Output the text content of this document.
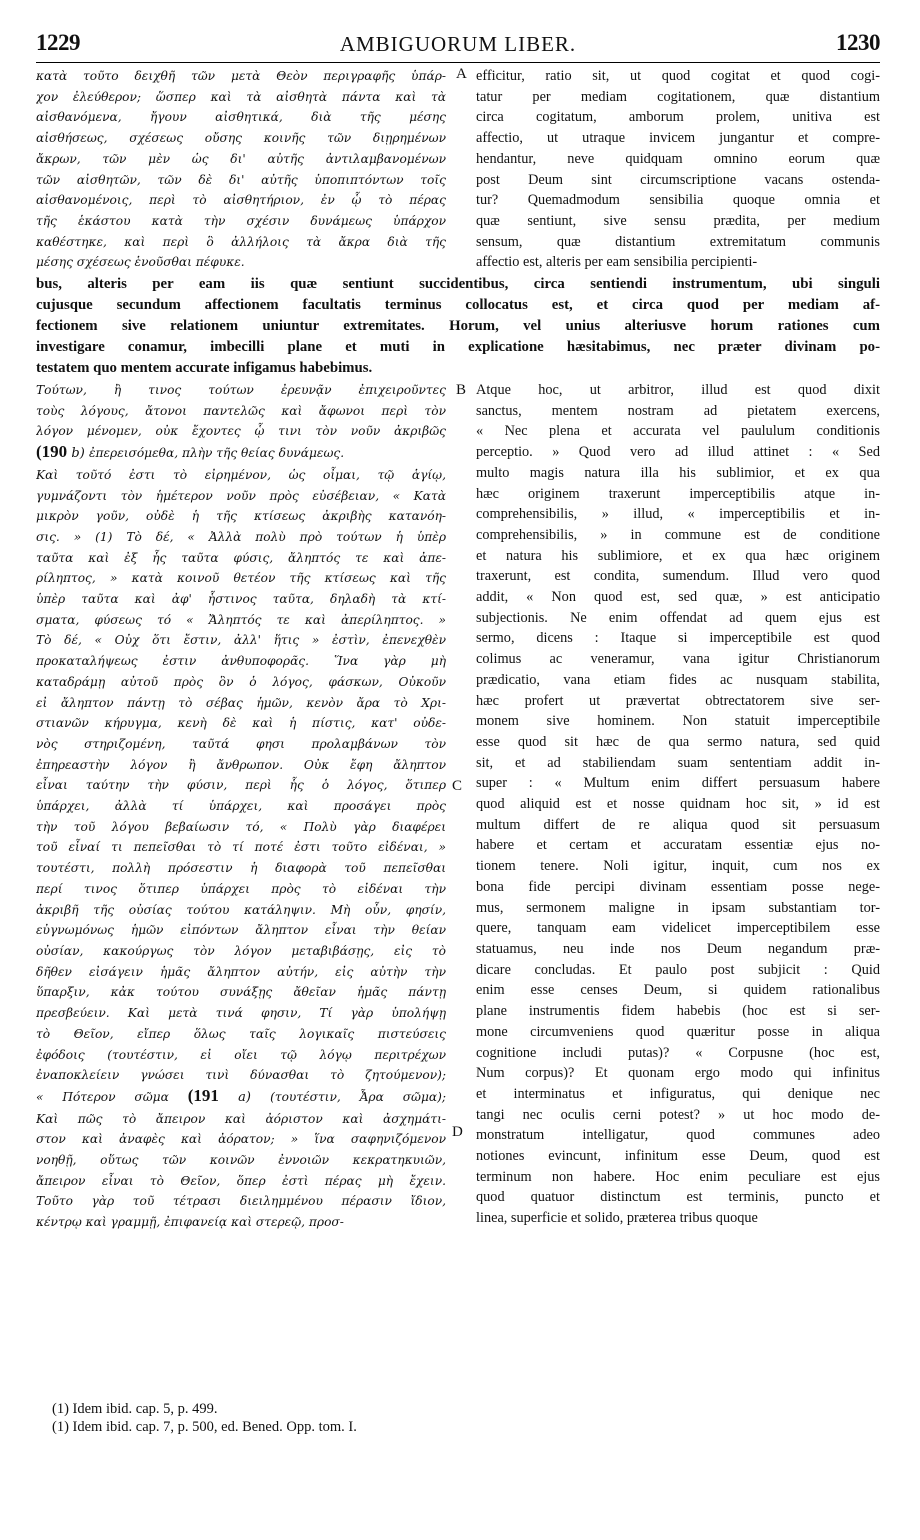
1229	AMBIGUORUM LIBER.	1230
κατὰ τοῦτο δειχθῆ τῶν μετὰ Θεὸν περιγραφῆς ὑπάρ-
χον ἐλεύθερον; ὥσπερ καὶ τὰ αἰσθητὰ πάντα καὶ τὰ
αἰσθανόμενα, ἤγουν αἰσθητικά, διὰ τῆς μέσης
αἰσθήσεως, σχέσεως οὔσης κοινῆς τῶν διῃρημένων
ἄκρων, τῶν μὲν ὡς δι' αὐτῆς ἀντιλαμβανομένων
τῶν αἰσθητῶν, τῶν δὲ δι' αὐτῆς ὑποπιπτόντων τοῖς
αἰσθανομένοις, περὶ τὸ αἰσθητήριον, ἐν ᾧ τὸ πέρας
τῆς ἑκάστου κατὰ τὴν σχέσιν δυνάμεως ὑπάρχον
καθέστηκε, καὶ περὶ ὃ ἀλλήλοις τὰ ἄκρα διὰ τῆς
μέσης σχέσεως ἑνοῦσθαι πέφυκε.
efficitur, ratio sit, ut quod cogitat et quod cogi-
tatur per mediam cogitationem, quæ distantium
circa cogitatum, amborum prolem, unitiva est
affectio, ut utraque invicem jungantur et compre-
hendantur, neve quidquam omnino eorum quæ
post Deum sint circumscriptione vacans ostenda-
tur? Quemadmodum sensibilia quoque omnia et
quæ sentiunt, sive sensu prædita, per medium
sensum, quæ distantium extremitatum communis
affectio est, alteris per eam sensibilia percipienti-
A
bus, alteris per eam iis quæ sentiunt succidentibus, circa sentiendi instrumentum, ubi singuli
cujusque secundum affectionem facultatis terminus collocatus est, et circa quod per mediam af-
fectionem sive relationem uniuntur extremitates. Horum, vel unius alteriusve horum rationes cum
investigare conamur, imbecilli plane et muti in explicatione hæsitabimus, nec præter divinam po-
testatem quo mentem accurate infigamus habebimus.
Τούτων, ἢ τινος τούτων ἐρευνᾷν ἐπιχειροῦντες
τοὺς λόγους, ἄτονοι παντελῶς καὶ ἄφωνοι περὶ τὸν
λόγον μένομεν, οὐκ ἔχοντες ᾧ τινι τὸν νοῦν ἀκριβῶς
(190 b) ἐπερεισόμεθα, πλὴν τῆς θείας δυνάμεως.
Καὶ τοῦτό ἐστι τὸ εἰρημένον, ὡς οἶμαι, τῷ ἁγίῳ,
γυμνάζοντι τὸν ἡμέτερον νοῦν πρὸς εὐσέβειαν, « Κατὰ
μικρὸν γοῦν, οὐδὲ ἡ τῆς κτίσεως ἀκριβὴς κατανόη-
σις. » (1) Τὸ δέ, « Ἀλλὰ πολὺ πρὸ τούτων ἡ ὑπὲρ
ταῦτα καὶ ἐξ ἧς ταῦτα φύσις, ἄληπτός τε καὶ ἀπε-
ρίληπτος, » κατὰ κοινοῦ θετέον τῆς κτίσεως καὶ τῆς
ὑπὲρ ταῦτα καὶ ἀφ' ἧστινος ταῦτα, δηλαδὴ τὰ κτί-
σματα, φύσεως τό « Ἄληπτός τε καὶ ἀπερίληπτος. »
Τὸ δέ, « Οὐχ ὅτι ἔστιν, ἀλλ' ἥτις » ἐστὶν, ἐπενεχθὲν
προκαταλήψεως ἐστιν ἀνθυποφορᾶς. Ἵνα γὰρ μὴ
καταδράμῃ αὐτοῦ πρὸς ὃν ὁ λόγος, φάσκων, Οὐκοῦν
εἰ ἄληπτον πάντῃ τὸ σέβας ἡμῶν, κενὸν ἄρα τὸ Χρι-
στιανῶν κήρυγμα, κενὴ δὲ καὶ ἡ πίστις, κατ' οὐδε-
νὸς στηριζομένη, ταῦτά φησι προλαμβάνων τὸν
ἐπηρεαστὴν λόγον ἢ ἄνθρωπον. Οὐκ ἔφη ἄληπτον
εἶναι ταύτην τὴν φύσιν, περὶ ἧς ὁ λόγος, ὅτιπερ
ὑπάρχει, ἀλλὰ τί ὑπάρχει, καὶ προσάγει πρὸς
τὴν τοῦ λόγου βεβαίωσιν τό, « Πολὺ γὰρ διαφέρει
τοῦ εἶναί τι πεπεῖσθαι τὸ τί ποτέ ἐστι τοῦτο εἰδέναι, »
τουτέστι, πολλὴ πρόσεστιν ἡ διαφορὰ τοῦ πεπεῖσθαι
περί τινος ὅτιπερ ὑπάρχει πρὸς τὸ εἰδέναι τὴν
ἀκριβῆ τῆς οὐσίας τούτου κατάληψιν. Μὴ οὖν, φησίν,
εὐγνωμόνως ἡμῶν εἰπόντων ἄληπτον εἶναι τὴν θείαν
οὐσίαν, κακούργως τὸν λόγον μεταβιβάσῃς, εἰς τὸ
δῆθεν εἰσάγειν ἡμᾶς ἄληπτον αὐτήν, εἰς αὐτὴν τὴν
ὕπαρξιν, κἀκ τούτου συνάξῃς ἄθεῖαν ἡμᾶς πάντῃ
πρεσβεύειν. Καὶ μετὰ τινά φησιν, Τί γὰρ ὑπολήψῃ
τὸ Θεῖον, εἴπερ ὅλως ταῖς λογικαῖς πιστεύσεις
ἐφόδοις (τουτέστιν, εἰ οἴει τῷ λόγῳ περιτρέχων
ἐναποκλείειν γνώσει τινὶ δύνασθαι τὸ ζητούμενον);
« Πότερον σῶμα (191 a) (τουτέστιν, Ἆρα σῶμα);
Καὶ πῶς τὸ ἄπειρον καὶ ἀόριστον καὶ ἀσχημάτι-
στον καὶ ἀναφὲς καὶ ἀόρατον; » ἵνα σαφηνιζόμενον
νοηθῇ, οὕτως τῶν κοινῶν ἐννοιῶν κεκρατηκυιῶν,
ἄπειρον εἶναι τὸ Θεῖον, ὅπερ ἐστὶ πέρας μὴ ἔχειν.
Τοῦτο γὰρ τοῦ τέτρασι διειλημμένου πέρασιν ἴδιον,
κέντρῳ καὶ γραμμῇ, ἐπιφανείᾳ καὶ στερεῷ, προσ-
Atque hoc, ut arbitror, illud est quod dixit
sanctus, mentem nostram ad pietatem exercens,
« Nec plena et accurata vel paululum conditionis
perceptio. » Quod vero ad illud attinet : « Sed
multo magis natura illa his sublimior, et ex qua
hæc originem traxerunt imperceptibilis atque in-
comprehensibilis, » illud, « imperceptibilis et in-
comprehensibilis, » in commune est de conditione
et natura his sublimiore, et ex qua hæc originem
traxerunt, est condita, sumendum. Illud vero quod
addit, « Non quod est, sed quæ, » est anticipatio
subjectionis. Ne enim offendat ad quem ejus est
sermo, dicens : Itaque si imperceptibile est quod
colimus ac veneramur, vana igitur Christianorum
prædicatio, vana etiam fides ac nusquam stabilita,
hæc profert ut prævertat obtrectatorem sive ser-
monem sive hominem. Non statuit imperceptibile
esse quod sit hæc de qua sermo natura, sed quid
sit, et ad stabiliendam suam sententiam addit in-
super : « Multum enim differt persuasum habere
quod aliquid est et nosse quidnam hoc sit, » id est
multum differt de re aliqua quod sit persuasum
habere et certam et accuratam essentiæ ejus no-
tionem tenere. Noli igitur, inquit, cum nos ex
bona fide percipi divinam essentiam posse nege-
mus, sermonem maligne in ipsam substantiam tor-
quere, tanquam eam videlicet imperceptibilem esse
statuamus, neu inde nos Deum negandum præ-
dicare concludas. Et paulo post subjicit : Quid
enim esse censes Deum, si quidem rationalibus
plane instrumentis fidem habebis (hoc est si ser-
mone circumveniens quod quæritur posse in aliqua
cognitione includi putas)? « Corpusne (hoc est,
Num corpus)? Et quonam ergo modo qui infinitus
et interminatus et infiguratus, qui denique nec
tangi nec oculis cerni potest? » ut hoc modo de-
monstratum intelligatur, quod communes adeo
notiones evincunt, infinitum esse Deum, quod est
terminum non habere. Hoc enim peculiare est ejus
quod quatuor distinctum est terminis, puncto et
linea, superficie et solido, præterea tribus quoque
B
C
D
(1) Idem ibid. cap. 5, p. 499.
(1) Idem ibid. cap. 7, p. 500, ed. Bened. Opp. tom. I.
